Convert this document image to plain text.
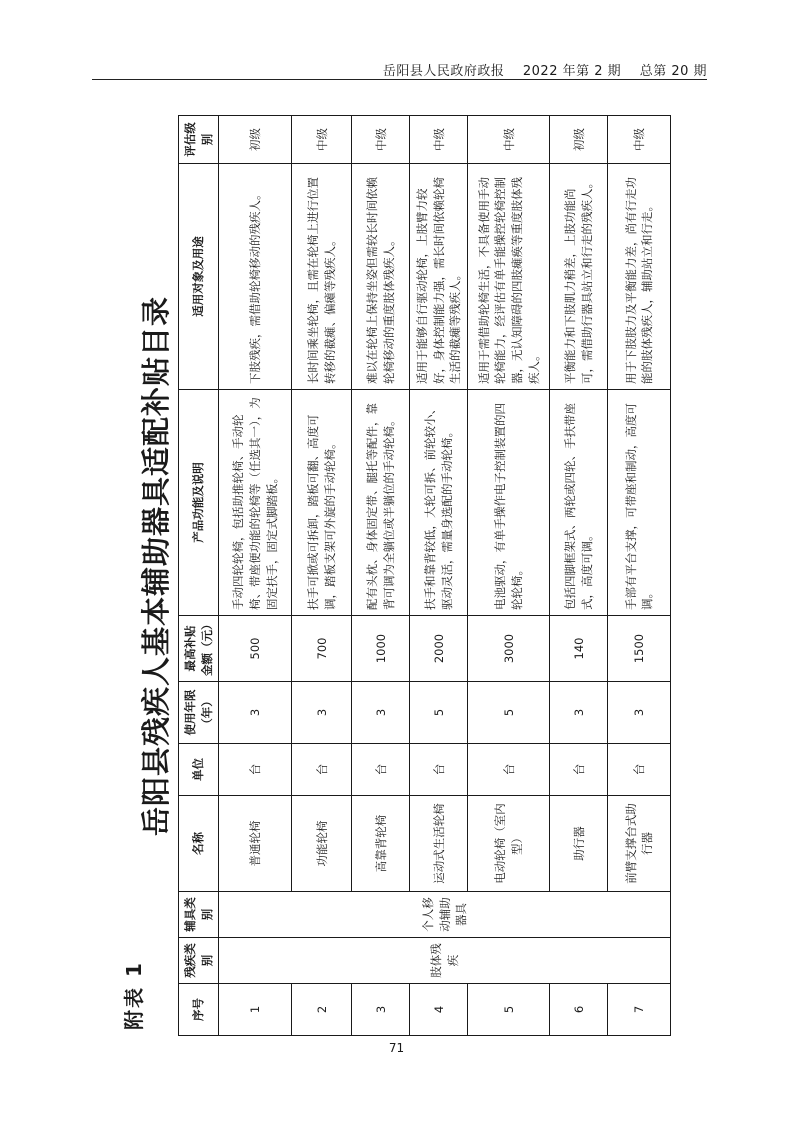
岳阳县人民政府政报 2022 年第 2 期 总第 20 期
附表 1
岳阳县残疾人基本辅助器具适配补贴目录
序号	残疾类别	辅具类别	名称	单位	使用年限（年）	最高补贴金额（元）	产品功能及说明	适用对象及用途	评估级别
1	肢体残疾	个人移动辅助器具	普通轮椅	台	3	500	手动四轮轮椅，包括助推轮椅、手动轮椅、带座便功能的轮椅等（任选其一），为固定扶手，固定式脚踏板。	下肢残疾，需借助轮椅移动的残疾人。	初级
2			功能轮椅	台	3	700	扶手可掀或可拆卸，踏板可翻、高度可调，踏板支架可外旋的手动轮椅。	长时间乘坐轮椅，且需在轮椅上进行位置转移的截瘫、偏瘫等残疾人。	中级
3			高靠背轮椅	台	3	1000	配有头枕、身体固定带、腿托等配件，靠背可调为全躺位或半躺位的手动轮椅。	难以在轮椅上保持坐姿但需较长时间依赖轮椅移动的重度肢体残疾人。	中级
4			运动式生活轮椅	台	5	2000	扶手和靠背较低，大轮可拆、前轮较小、驱动灵活，需量身选配的手动轮椅。	适用于能够自行驱动轮椅，上肢臂力较好，身体控制能力强，需长时间依赖轮椅生活的截瘫等残疾人。	中级
5			电动轮椅（室内型）	台	5	3000	电池驱动，有单手操作电子控制装置的四轮轮椅。	适用于需借助轮椅生活，不具备使用手动轮椅能力，经评估有单手能操控轮椅控制器，无认知障碍的四肢瘫痪等重度肢体残疾人。	中级
6			助行器	台	3	140	包括四脚框架式、两轮或四轮、手扶带座式，高度可调。	平衡能力和下肢肌力稍差，上肢功能尚可，需借助行器具站立和行走的残疾人。	初级
7			前臂支撑台式助行器	台	3	1500	手部有平台支撑，可带座和制动，高度可调。	用于下肢肢力及平衡能力差，尚有行走功能的肢体残疾人，辅助站立和行走。	中级
71
